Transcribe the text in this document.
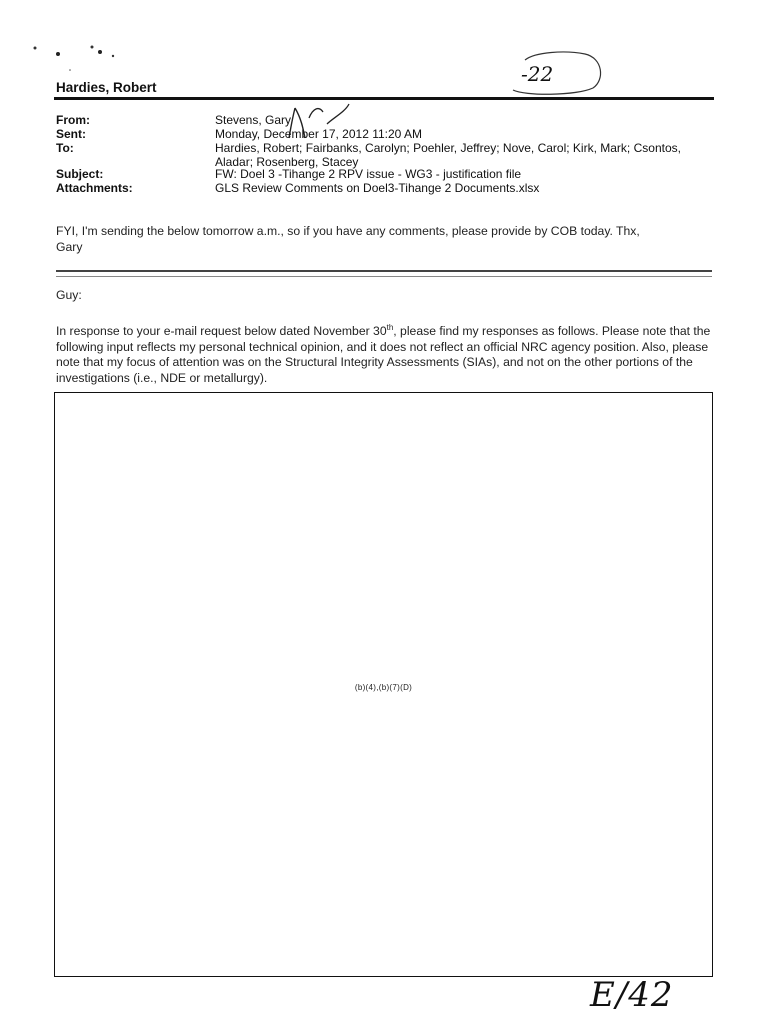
-22
Hardies, Robert
From:	Stevens, Gary
Sent:	Monday, December 17, 2012 11:20 AM
To:	Hardies, Robert; Fairbanks, Carolyn; Poehler, Jeffrey; Nove, Carol; Kirk, Mark; Csontos, Aladar; Rosenberg, Stacey
Subject:	FW: Doel 3 -Tihange 2 RPV issue - WG3 - justification file
Attachments:	GLS Review Comments on Doel3-Tihange 2 Documents.xlsx
FYI, I'm sending the below tomorrow a.m., so if you have any comments, please provide by COB today. Thx,
Gary
Guy:
In response to your e-mail request below dated November 30th, please find my responses as follows. Please note that the following input reflects my personal technical opinion, and it does not reflect an official NRC agency position. Also, please note that my focus of attention was on the Structural Integrity Assessments (SIAs), and not on the other portions of the investigations (i.e., NDE or metallurgy).
(b)(4),(b)(7)(D)
E/42
